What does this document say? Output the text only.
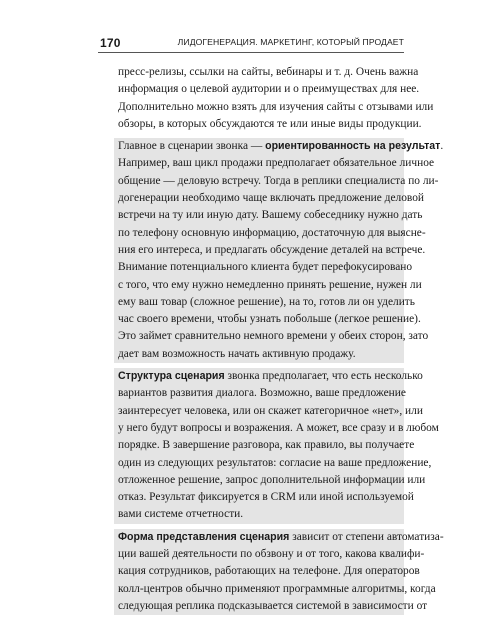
170	ЛИДОГЕНЕРАЦИЯ. МАРКЕТИНГ, КОТОРЫЙ ПРОДАЕТ
пресс-релизы, ссылки на сайты, вебинары и т. д. Очень важна
информация о целевой аудитории и о преимуществах для нее.
Дополнительно можно взять для изучения сайты с отзывами или
обзоры, в которых обсуждаются те или иные виды продукции.
Главное в сценарии звонка — ориентированность на результат.
Например, ваш цикл продажи предполагает обязательное личное
общение — деловую встречу. Тогда в реплики специалиста по ли-
догенерации необходимо чаще включать предложение деловой
встречи на ту или иную дату. Вашему собеседнику нужно дать
по телефону основную информацию, достаточную для выясне-
ния его интереса, и предлагать обсуждение деталей на встрече.
Внимание потенциального клиента будет перефокусировано
с того, что ему нужно немедленно принять решение, нужен ли
ему ваш товар (сложное решение), на то, готов ли он уделить
час своего времени, чтобы узнать побольше (легкое решение).
Это займет сравнительно немного времени у обеих сторон, зато
дает вам возможность начать активную продажу.
Структура сценария звонка предполагает, что есть несколько
вариантов развития диалога. Возможно, ваше предложение
заинтересует человека, или он скажет категоричное «нет», или
у него будут вопросы и возражения. А может, все сразу и в любом
порядке. В завершение разговора, как правило, вы получаете
один из следующих результатов: согласие на ваше предложение,
отложенное решение, запрос дополнительной информации или
отказ. Результат фиксируется в CRM или иной используемой
вами системе отчетности.
Форма представления сценария зависит от степени автоматиза-
ции вашей деятельности по обзвону и от того, какова квалифи-
кация сотрудников, работающих на телефоне. Для операторов
колл-центров обычно применяют программные алгоритмы, когда
следующая реплика подсказывается системой в зависимости от
